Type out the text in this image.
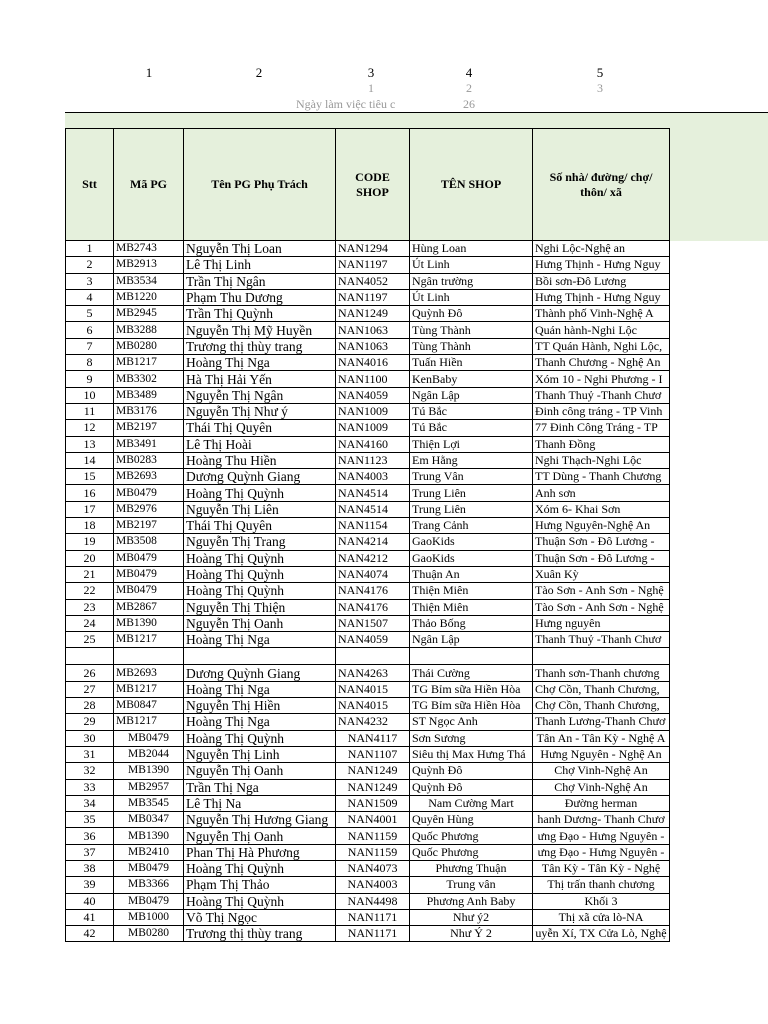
1	2	3	4	5
1	2	3
Ngày làm việc tiêu c	26
Stt	Mã PG	Tên PG Phụ Trách	CODE SHOP	TÊN SHOP	Số nhà/ đường/ chợ/ thôn/ xã
1	MB2743	Nguyễn Thị Loan	NAN1294	Hùng Loan	Nghi Lộc-Nghệ an
2	MB2913	Lê Thị Linh	NAN1197	Út Linh	Hưng Thịnh - Hưng Nguy
3	MB3534	Trần Thị Ngân	NAN4052	Ngân trường	Bồi sơn-Đô Lương
4	MB1220	Phạm Thu Dương	NAN1197	Út Linh	Hưng Thịnh - Hưng Nguy
5	MB2945	Trần Thị Quỳnh	NAN1249	Quỳnh Đô	Thành phố Vinh-Nghệ A
6	MB3288	Nguyễn Thị Mỹ Huyền	NAN1063	Tùng Thành	Quán hành-Nghi Lộc
7	MB0280	Trương thị thùy trang	NAN1063	Tùng Thành	TT Quán Hành, Nghi Lộc,
8	MB1217	Hoàng Thị Nga	NAN4016	Tuấn Hiền	Thanh Chương - Nghệ An
9	MB3302	Hà Thị Hải Yến	NAN1100	KenBaby	Xóm 10 - Nghi Phương - I
10	MB3489	Nguyễn Thị Ngân	NAN4059	Ngân Lập	Thanh Thuỷ -Thanh Chươ
11	MB3176	Nguyễn Thị Như ý	NAN1009	Tú Bắc	Đinh công tráng - TP Vinh
12	MB2197	Thái Thị Quyên	NAN1009	Tú Bắc	77 Đinh Công Tráng - TP
13	MB3491	Lê Thị Hoài	NAN4160	Thiện Lợi	Thanh Đồng
14	MB0283	Hoàng Thu Hiền	NAN1123	Em Hằng	Nghi Thạch-Nghi Lộc
15	MB2693	Dương Quỳnh Giang	NAN4003	Trung Vân	TT Dùng - Thanh Chương
16	MB0479	Hoàng Thị Quỳnh	NAN4514	Trung Liên	Anh sơn
17	MB2976	Nguyễn Thị Liên	NAN4514	Trung Liên	Xóm 6- Khai Sơn
18	MB2197	Thái Thị Quyên	NAN1154	Trang Cảnh	Hưng Nguyên-Nghệ An
19	MB3508	Nguyễn Thị Trang	NAN4214	GaoKids	Thuận Sơn - Đô Lương -
20	MB0479	Hoàng Thị Quỳnh	NAN4212	GaoKids	Thuận Sơn - Đô Lương -
21	MB0479	Hoàng Thị Quỳnh	NAN4074	Thuận An	Xuân Kỳ
22	MB0479	Hoàng Thị Quỳnh	NAN4176	Thiện Miên	Tào Sơn - Anh Sơn - Nghệ
23	MB2867	Nguyễn Thị Thiện	NAN4176	Thiện Miên	Tào Sơn - Anh Sơn - Nghệ
24	MB1390	Nguyễn Thị Oanh	NAN1507	Thảo Bống	Hưng nguyên
25	MB1217	Hoàng Thị Nga	NAN4059	Ngân Lập	Thanh Thuỷ -Thanh Chươ

26	MB2693	Dương Quỳnh Giang	NAN4263	Thái Cường	Thanh sơn-Thanh chương
27	MB1217	Hoàng Thị Nga	NAN4015	TG Bỉm sữa Hiền Hòa	Chợ Cồn, Thanh Chương,
28	MB0847	Nguyễn Thị Hiền	NAN4015	TG Bỉm sữa Hiền Hòa	Chợ Cồn, Thanh Chương,
29	MB1217	Hoàng Thị Nga	NAN4232	ST Ngọc Anh	Thanh Lương-Thanh Chươ
30	MB0479	Hoàng Thị Quỳnh	NAN4117	Sơn Sương	Tân An - Tân Kỳ - Nghệ A
31	MB2044	Nguyễn Thị Linh	NAN1107	Siêu thị Max Hưng Thá	Hưng Nguyên - Nghệ An
32	MB1390	Nguyễn Thị Oanh	NAN1249	Quỳnh Đô	Chợ Vinh-Nghệ An
33	MB2957	Trần Thị Nga	NAN1249	Quỳnh Đô	Chợ Vinh-Nghệ An
34	MB3545	Lê Thị Na	NAN1509	Nam Cường Mart	Đường herman
35	MB0347	Nguyễn Thị Hương Giang	NAN4001	Quyên Hùng	hanh Dương- Thanh Chươ
36	MB1390	Nguyễn Thị Oanh	NAN1159	Quốc Phương	ưng Đạo - Hưng Nguyên -
37	MB2410	Phan Thị Hà Phương	NAN1159	Quốc Phương	ưng Đạo - Hưng Nguyên -
38	MB0479	Hoàng Thị Quỳnh	NAN4073	Phương Thuận	Tân Kỳ - Tân Kỳ - Nghệ
39	MB3366	Phạm Thị Thảo	NAN4003	Trung vân	Thị trấn thanh chương
40	MB0479	Hoàng Thị Quỳnh	NAN4498	Phương Anh Baby	Khối 3
41	MB1000	Võ Thị Ngọc	NAN1171	Như ý2	Thị xã cửa lò-NA
42	MB0280	Trương thị thùy trang	NAN1171	Như Ý 2	uyễn Xí, TX Cửa Lò, Nghệ
